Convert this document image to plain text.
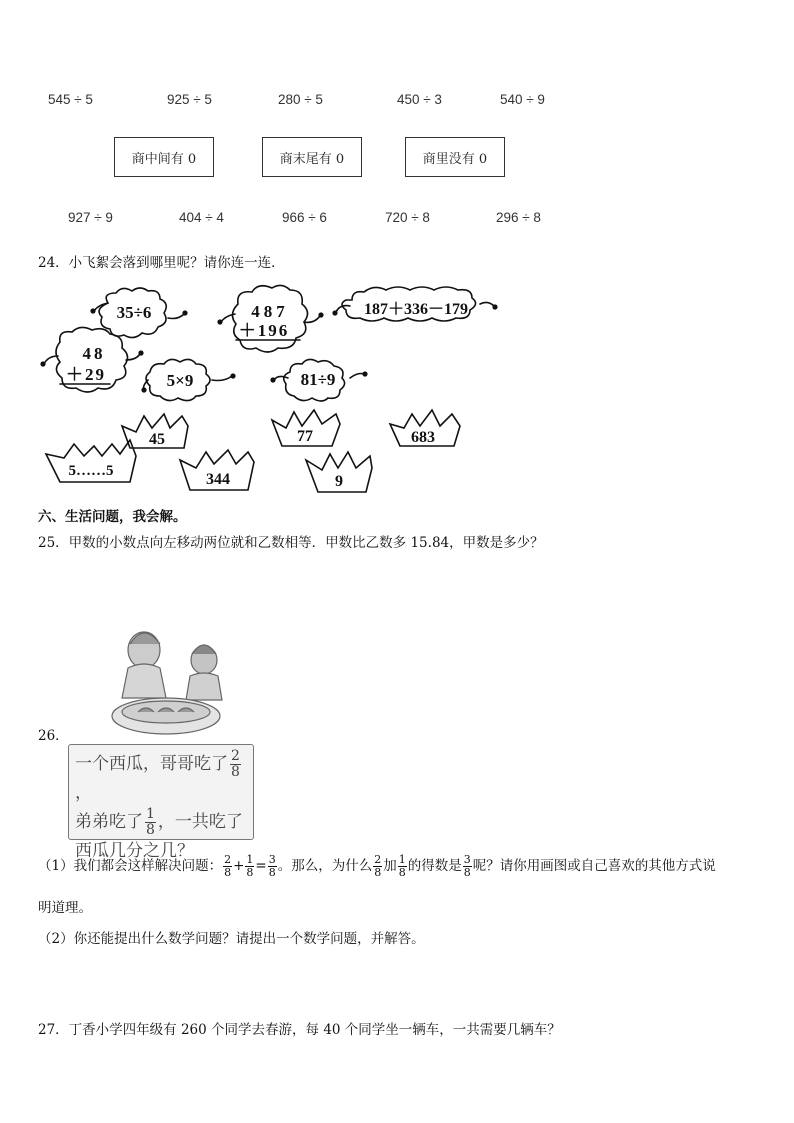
545 ÷ 5	925 ÷ 5	280 ÷ 5	450 ÷ 3	540 ÷ 9
商中间有 0	商末尾有 0	商里没有 0
927 ÷ 9	404 ÷ 4	966 ÷ 6	720 ÷ 8	296 ÷ 8
24．小飞絮会落到哪里呢？请你连一连．
35÷6	487
＋196
187＋336－179
48
＋29	5×9	81÷9
45	77	683
5……5	344	9
六、生活问题，我会解。
25．甲数的小数点向左移动两位就和乙数相等．甲数比乙数多 15.84，甲数是多少？
26．
一个西瓜，哥哥吃了 $\frac{2}{8}$
，
弟弟吃了 $\frac{1}{8}$ ，一共吃了
西瓜几分之几？
（1）我们都会这样解决问题： $\frac{2}{8} + \frac{1}{8} = \frac{3}{8}$ 。那么，为什么 $\frac{2}{8}$ 加 $\frac{1}{8}$ 的得数是 $\frac{3}{8}$ 呢？请你用画图或自己喜欢的其他方式说
明道理。
（2）你还能提出什么数学问题？请提出一个数学问题，并解答。
27．丁香小学四年级有 260 个同学去春游，每 40 个同学坐一辆车，一共需要几辆车？
